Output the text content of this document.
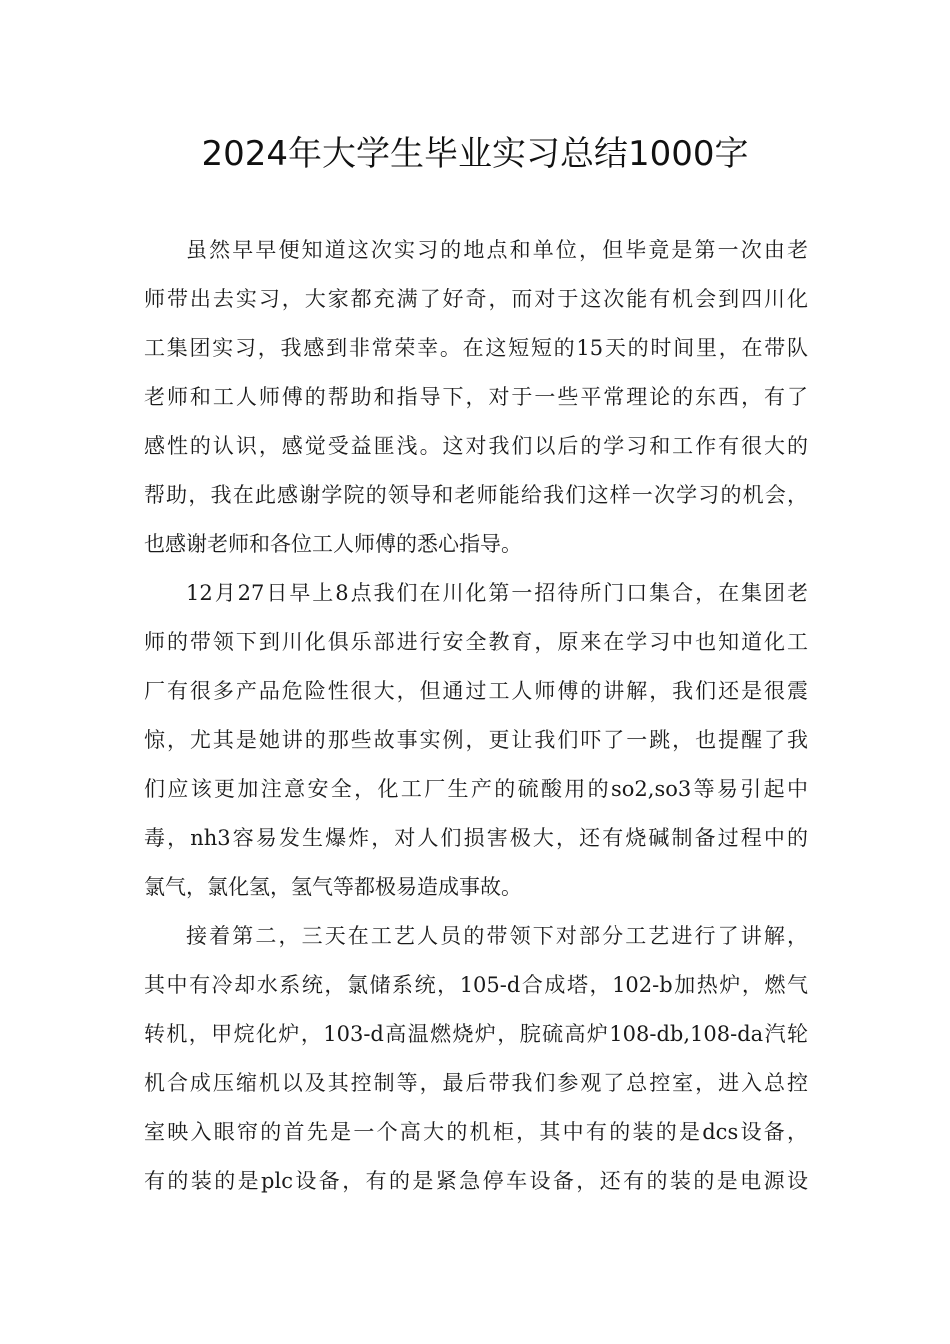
2024年大学生毕业实习总结1000字
虽然早早便知道这次实习的地点和单位，但毕竟是第一次由老
师带出去实习，大家都充满了好奇，而对于这次能有机会到四川化
工集团实习，我感到非常荣幸。在这短短的15天的时间里，在带队
老师和工人师傅的帮助和指导下，对于一些平常理论的东西，有了
感性的认识，感觉受益匪浅。这对我们以后的学习和工作有很大的
帮助，我在此感谢学院的领导和老师能给我们这样一次学习的机会，
也感谢老师和各位工人师傅的悉心指导。
12月27日早上8点我们在川化第一招待所门口集合，在集团老
师的带领下到川化俱乐部进行安全教育，原来在学习中也知道化工
厂有很多产品危险性很大，但通过工人师傅的讲解，我们还是很震
惊，尤其是她讲的那些故事实例，更让我们吓了一跳，也提醒了我
们应该更加注意安全，化工厂生产的硫酸用的so2,so3等易引起中
毒，nh3容易发生爆炸，对人们损害极大，还有烧碱制备过程中的
氯气，氯化氢，氢气等都极易造成事故。
接着第二，三天在工艺人员的带领下对部分工艺进行了讲解，
其中有冷却水系统，氯储系统，105-d合成塔，102-b加热炉，燃气
转机，甲烷化炉，103-d高温燃烧炉，脘硫高炉108-db,108-da汽轮
机合成压缩机以及其控制等，最后带我们参观了总控室，进入总控
室映入眼帘的首先是一个高大的机柜，其中有的装的是dcs设备，
有的装的是plc设备，有的是紧急停车设备，还有的装的是电源设
